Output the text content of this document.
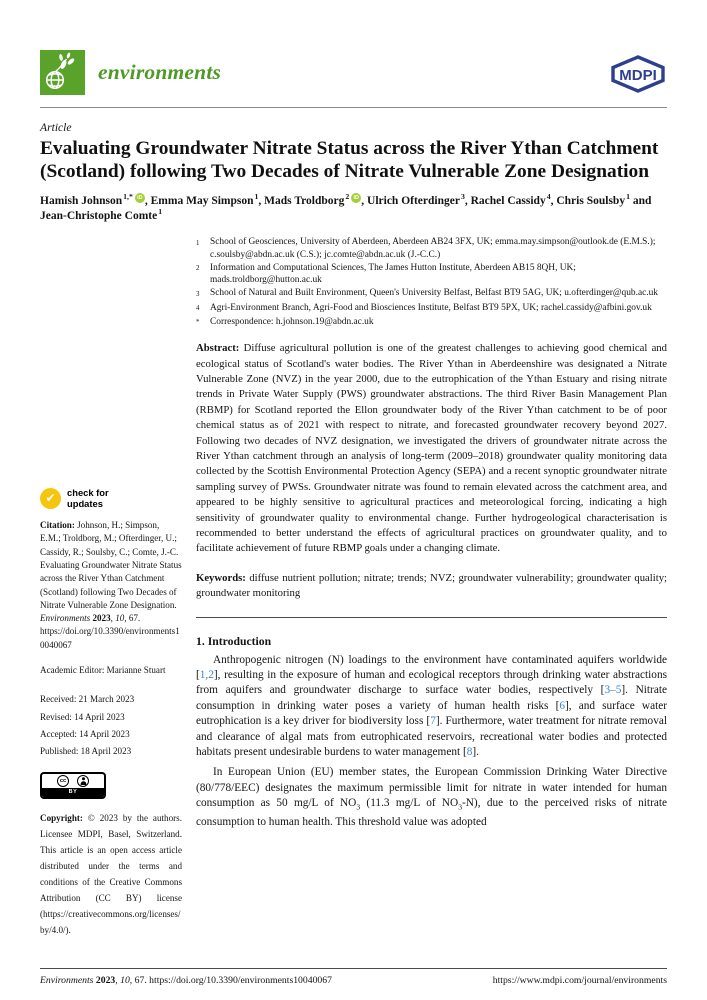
environments	MDPI
Article
Evaluating Groundwater Nitrate Status across the River Ythan Catchment (Scotland) following Two Decades of Nitrate Vulnerable Zone Designation
Hamish Johnson$^{1,*}$ iD , Emma May Simpson$^1$, Mads Troldborg$^2$ iD , Ulrich Ofterdinger$^3$, Rachel Cassidy$^4$, Chris Soulsby$^1$ and Jean-Christophe Comte$^1$
✔	check for
updates

Citation: Johnson, H.; Simpson, E.M.; Troldborg, M.; Ofterdinger, U.; Cassidy, R.; Soulsby, C.; Comte, J.-C. Evaluating Groundwater Nitrate Status across the River Ythan Catchment (Scotland) following Two Decades of Nitrate Vulnerable Zone Designation. Environments 2023, 10, 67. https://doi.org/10.3390/environments10040067

Academic Editor: Marianne Stuart

Received: 21 March 2023
Revised: 14 April 2023
Accepted: 14 April 2023
Published: 18 April 2023
cc
BY

Copyright: © 2023 by the authors. Licensee MDPI, Basel, Switzerland. This article is an open access article distributed under the terms and conditions of the Creative Commons Attribution (CC BY) license (https://creativecommons.org/licenses/by/4.0/).

1	School of Geosciences, University of Aberdeen, Aberdeen AB24 3FX, UK; emma.may.simpson@outlook.de (E.M.S.); c.soulsby@abdn.ac.uk (C.S.); jc.comte@abdn.ac.uk (J.-C.C.)
2	Information and Computational Sciences, The James Hutton Institute, Aberdeen AB15 8QH, UK; mads.troldborg@hutton.ac.uk
3	School of Natural and Built Environment, Queen's University Belfast, Belfast BT9 5AG, UK; u.ofterdinger@qub.ac.uk
4	Agri-Environment Branch, Agri-Food and Biosciences Institute, Belfast BT9 5PX, UK; rachel.cassidy@afbini.gov.uk
*	Correspondence: h.johnson.19@abdn.ac.uk

Abstract: Diffuse agricultural pollution is one of the greatest challenges to achieving good chemical and ecological status of Scotland's water bodies. The River Ythan in Aberdeenshire was designated a Nitrate Vulnerable Zone (NVZ) in the year 2000, due to the eutrophication of the Ythan Estuary and rising nitrate trends in Private Water Supply (PWS) groundwater abstractions. The third River Basin Management Plan (RBMP) for Scotland reported the Ellon groundwater body of the River Ythan catchment to be of poor chemical status as of 2021 with respect to nitrate, and forecasted groundwater recovery beyond 2027. Following two decades of NVZ designation, we investigated the drivers of groundwater nitrate across the River Ythan catchment through an analysis of long-term (2009–2018) groundwater quality monitoring data collected by the Scottish Environmental Protection Agency (SEPA) and a recent synoptic groundwater nitrate sampling survey of PWSs. Groundwater nitrate was found to remain elevated across the catchment area, and appeared to be highly sensitive to agricultural practices and meteorological forcing, indicating a high sensitivity of groundwater quality to environmental change. Further hydrogeological characterisation is recommended to better understand the effects of agricultural practices on groundwater quality, and to facilitate achievement of future RBMP goals under a changing climate.

Keywords: diffuse nutrient pollution; nitrate; trends; NVZ; groundwater vulnerability; groundwater quality; groundwater monitoring

1. Introduction

Anthropogenic nitrogen (N) loadings to the environment have contaminated aquifers worldwide [1,2], resulting in the exposure of human and ecological receptors through drinking water abstractions from aquifers and groundwater discharge to surface water bodies, respectively [3–5]. Nitrate consumption in drinking water poses a variety of human health risks [6], and surface water eutrophication is a key driver for biodiversity loss [7]. Furthermore, water treatment for nitrate removal and clearance of algal mats from eutrophicated reservoirs, recreational water bodies and protected habitats present undesirable burdens to water management [8].

In European Union (EU) member states, the European Commission Drinking Water Directive (80/778/EEC) designates the maximum permissible limit for nitrate in water intended for human consumption as 50 mg/L of $NO_3$ (11.3 mg/L of $NO_3-N$), due to the perceived risks of nitrate consumption to human health. This threshold value was adopted

Environments 2023, 10, 67. https://doi.org/10.3390/environments10040067	https://www.mdpi.com/journal/environments
